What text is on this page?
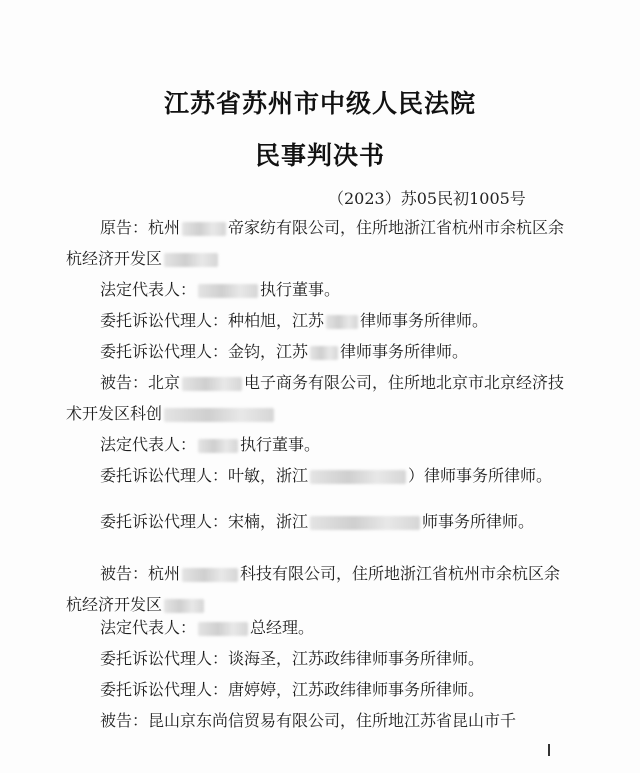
江苏省苏州市中级人民法院
民事判决书
（2023）苏05民初1005号
原告：杭州	帝家纺有限公司，住所地浙江省杭州市余杭区余杭经济开发区
法定代表人：	执行董事。
委托诉讼代理人：种柏旭，江苏 律师事务所律师。
委托诉讼代理人：金钧，江苏 律师事务所律师。
被告：北京	电子商务有限公司，住所地北京市北京经济技术开发区科创
法定代表人：	执行董事。
委托诉讼代理人：叶敏，浙江	）律师事务所律师。
委托诉讼代理人：宋楠，浙江	师事务所律师。
被告：杭州	科技有限公司，住所地浙江省杭州市余杭区余杭经济开发区
法定代表人：	总经理。
委托诉讼代理人：谈海圣，江苏政纬律师事务所律师。
委托诉讼代理人：唐婷婷，江苏政纬律师事务所律师。
被告：昆山京东尚信贸易有限公司，住所地江苏省昆山市千
